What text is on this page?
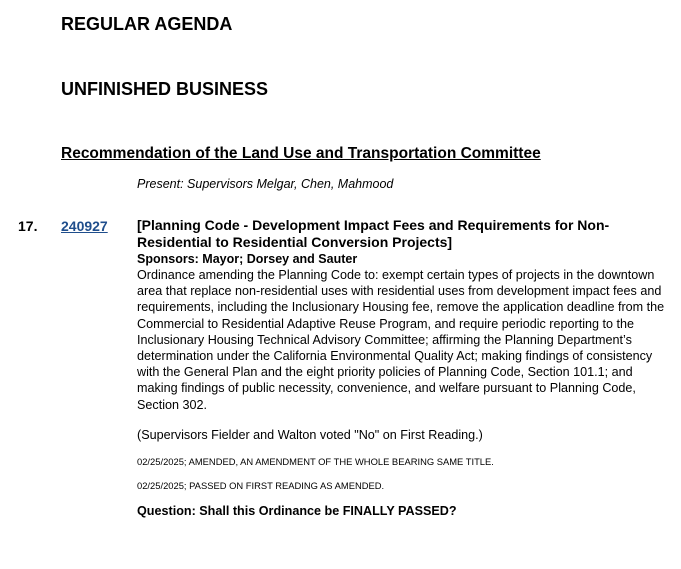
REGULAR AGENDA
UNFINISHED BUSINESS
Recommendation of the Land Use and Transportation Committee
Present: Supervisors Melgar, Chen, Mahmood
17. 240927 [Planning Code - Development Impact Fees and Requirements for Non-Residential to Residential Conversion Projects]

Sponsors: Mayor; Dorsey and Sauter

Ordinance amending the Planning Code to: exempt certain types of projects in the downtown area that replace non-residential uses with residential uses from development impact fees and requirements, including the Inclusionary Housing fee, remove the application deadline from the Commercial to Residential Adaptive Reuse Program, and require periodic reporting to the Inclusionary Housing Technical Advisory Committee; affirming the Planning Department’s determination under the California Environmental Quality Act; making findings of consistency with the General Plan and the eight priority policies of Planning Code, Section 101.1; and making findings of public necessity, convenience, and welfare pursuant to Planning Code, Section 302.

(Supervisors Fielder and Walton voted "No" on First Reading.)

02/25/2025; AMENDED, AN AMENDMENT OF THE WHOLE BEARING SAME TITLE.

02/25/2025; PASSED ON FIRST READING AS AMENDED.

Question: Shall this Ordinance be FINALLY PASSED?
